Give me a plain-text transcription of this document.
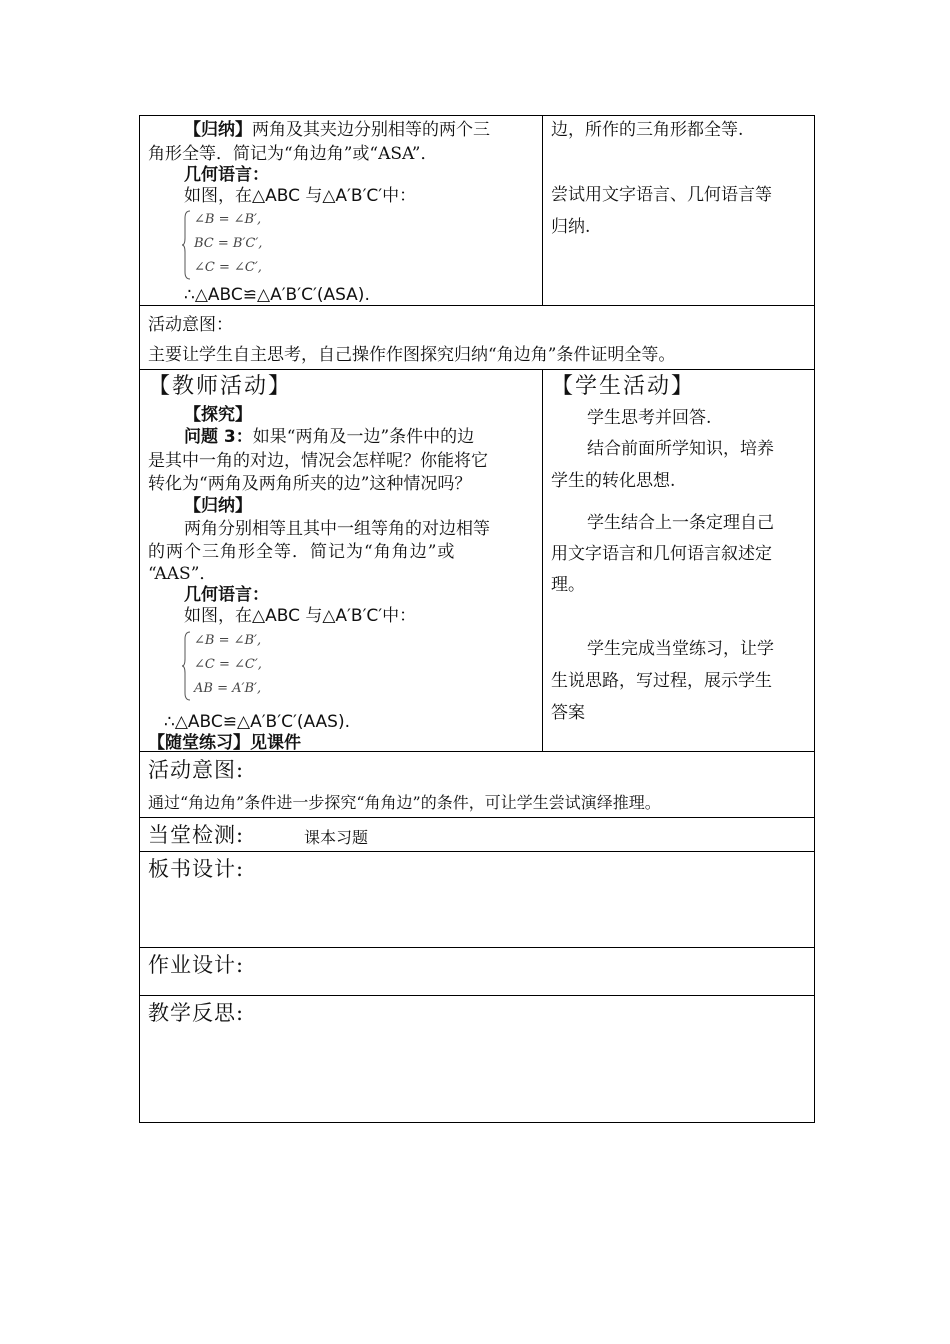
【归纳】两角及其夹边分别相等的两个三
角形全等．简记为“角边角”或“ASA”．
几何语言：
如图，在△ABC 与△A′B′C′中：
∠B = ∠B′,
BC = B′C′,
∠C = ∠C′,
∴△ABC≌△A′B′C′(ASA).
边，所作的三角形都全等.
尝试用文字语言、几何语言等
归纳.
活动意图：
主要让学生自主思考，自己操作作图探究归纳“角边角”条件证明全等。
【教师活动】
【探究】
问题 3：如果“两角及一边”条件中的边
是其中一角的对边，情况会怎样呢？你能将它
转化为“两角及两角所夹的边”这种情况吗？
【归纳】
两角分别相等且其中一组等角的对边相等
的两个三角形全等．简记为“角角边”或
“AAS”．
几何语言：
如图，在△ABC 与△A′B′C′中：
∠B = ∠B′,
∠C = ∠C′,
AB = A′B′,
∴△ABC≌△A′B′C′(AAS).
【随堂练习】见课件
【学生活动】
学生思考并回答.
结合前面所学知识，培养
学生的转化思想.
学生结合上一条定理自己
用文字语言和几何语言叙述定
理。
学生完成当堂练习，让学
生说思路，写过程，展示学生
答案
活动意图:
通过“角边角”条件进一步探究“角角边”的条件，可让学生尝试演绎推理。
当堂检测:	课本习题
板书设计:
作业设计:
教学反思:
